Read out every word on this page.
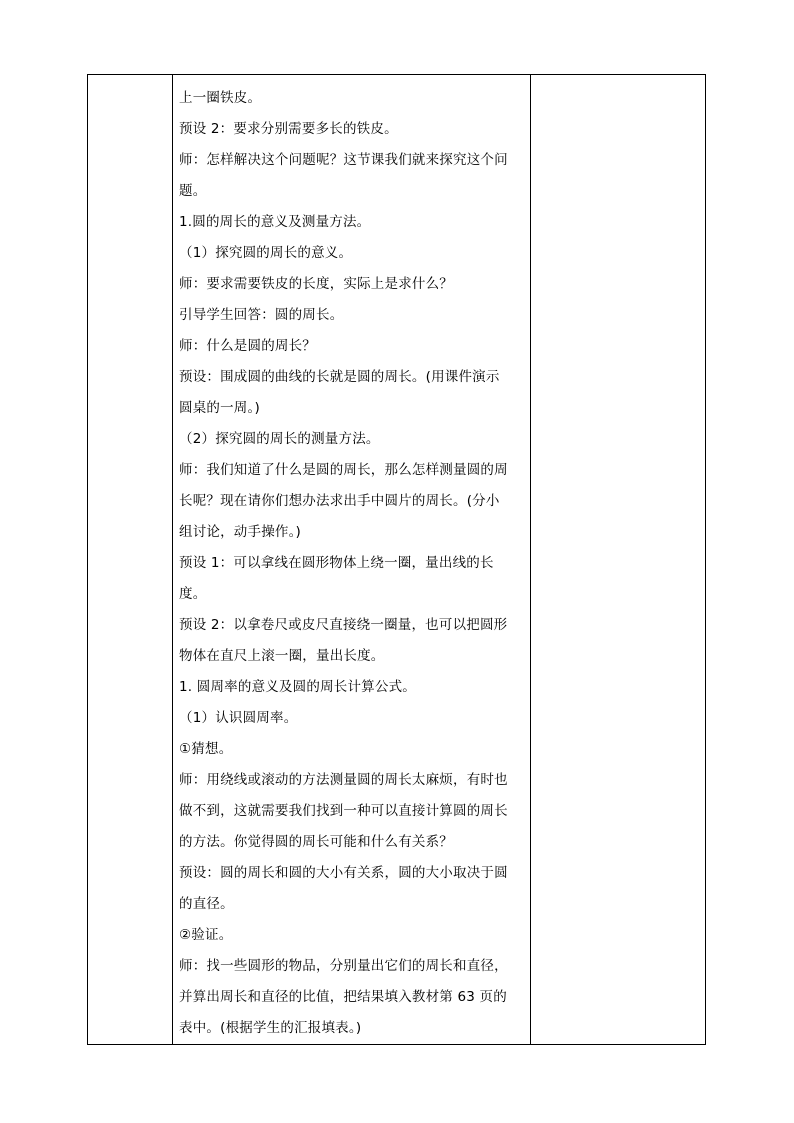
上一圈铁皮。
预设 2：要求分别需要多长的铁皮。
师：怎样解决这个问题呢？这节课我们就来探究这个问
题。
1.圆的周长的意义及测量方法。
（1）探究圆的周长的意义。
师：要求需要铁皮的长度，实际上是求什么？
引导学生回答：圆的周长。
师：什么是圆的周长？
预设：围成圆的曲线的长就是圆的周长。(用课件演示
圆桌的一周。)
（2）探究圆的周长的测量方法。
师：我们知道了什么是圆的周长，那么怎样测量圆的周
长呢？现在请你们想办法求出手中圆片的周长。(分小
组讨论，动手操作。)
预设 1：可以拿线在圆形物体上绕一圈，量出线的长
度。
预设 2：以拿卷尺或皮尺直接绕一圈量，也可以把圆形
物体在直尺上滚一圈，量出长度。
1. 圆周率的意义及圆的周长计算公式。
（1）认识圆周率。
①猜想。
师：用绕线或滚动的方法测量圆的周长太麻烦，有时也
做不到，这就需要我们找到一种可以直接计算圆的周长
的方法。你觉得圆的周长可能和什么有关系？
预设：圆的周长和圆的大小有关系，圆的大小取决于圆
的直径。
②验证。
师：找一些圆形的物品，分别量出它们的周长和直径，
并算出周长和直径的比值，把结果填入教材第 63 页的
表中。(根据学生的汇报填表。)
